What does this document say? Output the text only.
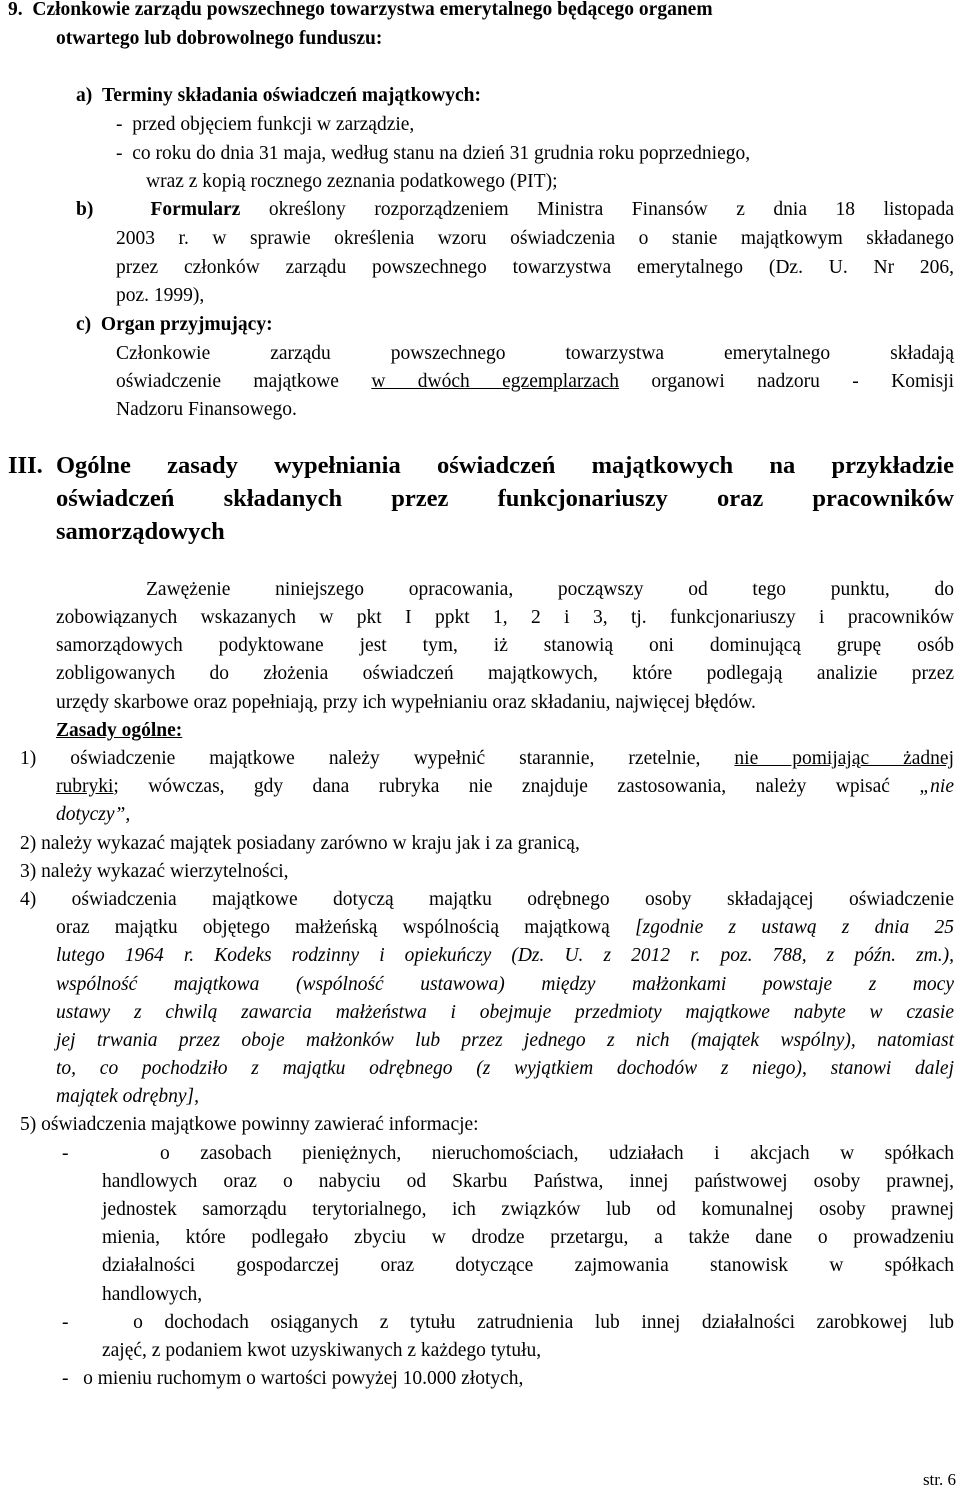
9.  Członkowie zarządu powszechnego towarzystwa emerytalnego będącego organem
otwartego lub dobrowolnego funduszu:
a)  Terminy składania oświadczeń majątkowych:
-  przed objęciem funkcji w zarządzie,
-  co roku do dnia 31 maja, według stanu na dzień 31 grudnia roku poprzedniego,
wraz z kopią rocznego zeznania podatkowego (PIT);
b)  Formularz określony rozporządzeniem Ministra Finansów z dnia 18 listopada
2003 r. w sprawie określenia wzoru oświadczenia o stanie majątkowym składanego
przez członków zarządu powszechnego towarzystwa emerytalnego (Dz. U. Nr 206,
poz. 1999),
c)  Organ przyjmujący:
Członkowie zarządu powszechnego towarzystwa emerytalnego składają
oświadczenie majątkowe w dwóch egzemplarzach organowi nadzoru - Komisji
Nadzoru Finansowego.
III. Ogólne zasady wypełniania oświadczeń majątkowych na przykładzie
oświadczeń składanych przez funkcjonariuszy oraz pracowników
samorządowych
Zawężenie niniejszego opracowania, począwszy od tego punktu, do
zobowiązanych wskazanych w pkt I ppkt 1, 2 i 3, tj. funkcjonariuszy i pracowników
samorządowych podyktowane jest tym, iż stanowią oni dominującą grupę osób
zobligowanych do złożenia oświadczeń majątkowych, które podlegają analizie przez
urzędy skarbowe oraz popełniają, przy ich wypełnianiu oraz składaniu, najwięcej błędów.
Zasady ogólne:
1) oświadczenie majątkowe należy wypełnić starannie, rzetelnie, nie pomijając żadnej
rubryki; wówczas, gdy dana rubryka nie znajduje zastosowania, należy wpisać „nie
dotyczy”,
2) należy wykazać majątek posiadany zarówno w kraju jak i za granicą,
3) należy wykazać wierzytelności,
4) oświadczenia majątkowe dotyczą majątku odrębnego osoby składającej oświadczenie
oraz majątku objętego małżeńską wspólnością majątkową [zgodnie z ustawą z dnia 25
lutego 1964 r. Kodeks rodzinny i opiekuńczy (Dz. U. z 2012 r. poz. 788, z późn. zm.),
wspólność majątkowa (wspólność ustawowa) między małżonkami powstaje z mocy
ustawy z chwilą zawarcia małżeństwa i obejmuje przedmioty majątkowe nabyte w czasie
jej trwania przez oboje małżonków lub przez jednego z nich (majątek wspólny), natomiast
to, co pochodziło z majątku odrębnego (z wyjątkiem dochodów z niego), stanowi dalej
majątek odrębny],
5) oświadczenia majątkowe powinny zawierać informacje:
-   o zasobach pieniężnych, nieruchomościach, udziałach i akcjach w spółkach
handlowych oraz o nabyciu od Skarbu Państwa, innej państwowej osoby prawnej,
jednostek samorządu terytorialnego, ich związków lub od komunalnej osoby prawnej
mienia, które podlegało zbyciu w drodze przetargu, a także dane o prowadzeniu
działalności gospodarczej oraz dotyczące zajmowania stanowisk w spółkach
handlowych,
-   o dochodach osiąganych z tytułu zatrudnienia lub innej działalności zarobkowej lub
zajęć, z podaniem kwot uzyskiwanych z każdego tytułu,
-   o mieniu ruchomym o wartości powyżej 10.000 złotych,
str. 6
